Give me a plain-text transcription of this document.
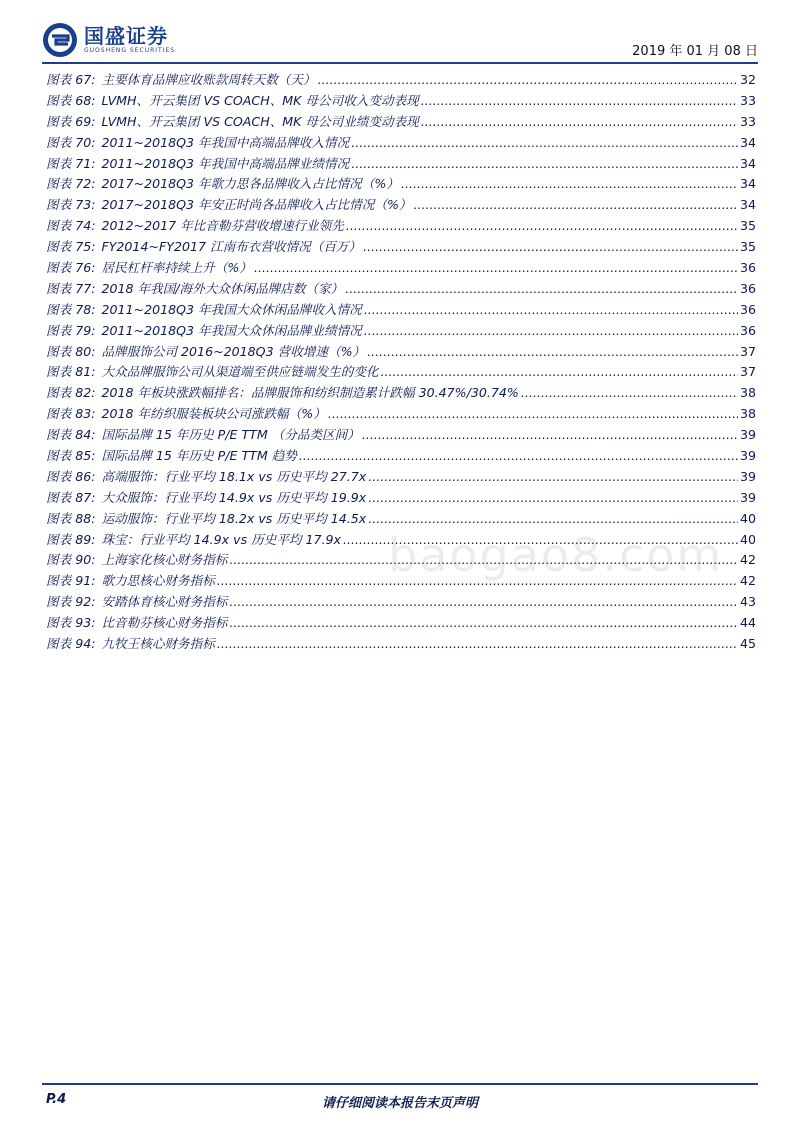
国盛证券
GUOSHENG SECURITIES	2019 年 01 月 08 日
图表 67: 主要体育品牌应收账款周转天数（天） .....	32
图表 68: LVMH、开云集团 VS COACH、MK 母公司收入变动表现 .....	33
图表 69: LVMH、开云集团 VS COACH、MK 母公司业绩变动表现 .....	33
图表 70: 2011~2018Q3 年我国中高端品牌收入情况 .....	34
图表 71: 2011~2018Q3 年我国中高端品牌业绩情况 .....	34
图表 72: 2017~2018Q3 年歌力思各品牌收入占比情况（%） .....	34
图表 73: 2017~2018Q3 年安正时尚各品牌收入占比情况（%） .....	34
图表 74: 2012~2017 年比音勒芬营收增速行业领先 .....	35
图表 75: FY2014~FY2017 江南布衣营收情况（百万） .....	35
图表 76: 居民杠杆率持续上升（%） .....	36
图表 77: 2018 年我国/海外大众休闲品牌店数（家） .....	36
图表 78: 2011~2018Q3 年我国大众休闲品牌收入情况 .....	36
图表 79: 2011~2018Q3 年我国大众休闲品牌业绩情况 .....	36
图表 80: 品牌服饰公司 2016~2018Q3 营收增速（%） .....	37
图表 81: 大众品牌服饰公司从渠道端至供应链端发生的变化 .....	37
图表 82: 2018 年板块涨跌幅排名：品牌服饰和纺织制造累计跌幅 30.47%/30.74% .....	38
图表 83: 2018 年纺织服装板块公司涨跌幅（%） .....	38
图表 84: 国际品牌 15 年历史 P/E TTM （分品类区间） .....	39
图表 85: 国际品牌 15 年历史 P/E TTM 趋势 .....	39
图表 86: 高端服饰：行业平均 18.1x vs 历史平均 27.7x .....	39
图表 87: 大众服饰：行业平均 14.9x vs 历史平均 19.9x .....	39
图表 88: 运动服饰：行业平均 18.2x vs 历史平均 14.5x .....	40
图表 89: 珠宝：行业平均 14.9x vs 历史平均 17.9x .....	40
图表 90: 上海家化核心财务指标 .....	42
图表 91: 歌力思核心财务指标 .....	42
图表 92: 安踏体育核心财务指标 .....	43
图表 93: 比音勒芬核心财务指标 .....	44
图表 94: 九牧王核心财务指标 .....	45
baogao8.com
请仔细阅读本报告末页声明
P.4
